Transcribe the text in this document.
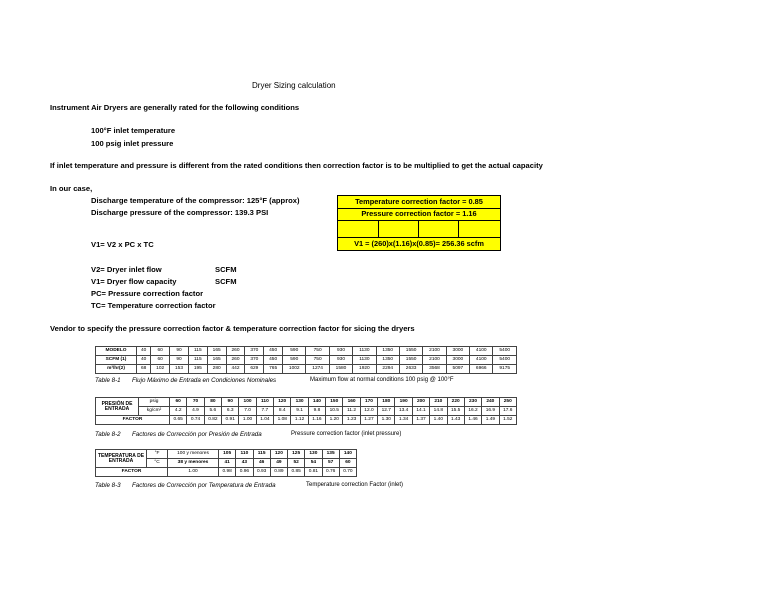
Dryer Sizing calculation
Instrument Air Dryers are generally rated for the following conditions
100°F inlet temperature
100 psig inlet pressure
If inlet temperature and pressure is different from the rated conditions then correction factor is to be multiplied to get the actual capacity
In our case,
Discharge temperature of the compressor: 125°F (approx)
Discharge pressure of the compressor: 139.3 PSI
V1= V2 x PC x TC
V2= Dryer inlet flow	SCFM
V1= Dryer flow capacity	SCFM
PC= Pressure correction factor
TC= Temperature correction factor
Vendor to specify the pressure correction factor & temperature correction factor for sicing the dryers
Temperature correction factor = 0.85
Pressure correction factor = 1.16
V1 = (260)x(1.16)x(0.85)= 256.36 scfm
MODELO	40	60	90	115	165	260	370	450	590	750	930	1130	1350	1550	2100	3000	4100	5400
SCFM (1)	40	60	90	115	165	260	370	450	590	750	930	1130	1350	1550	2100	3000	4100	5400
m³/hr(2)	68	102	153	195	280	442	629	765	1002	1274	1580	1920	2294	2633	3568	5097	6966	9175
Table 8-1 Flujo Máximo de Entrada en Condiciones Nominales	Maximum flow at normal conditions 100 psig @ 100°F
PRESIÓN DE ENTRADA	psig	60	70	80	90	100	110	120	130	140	150	160	170	180	190	200	210	220	230	240	250
	kg/cm²	4.2	4.9	5.6	6.3	7.0	7.7	8.4	9.1	9.8	10.5	11.2	12.0	12.7	13.4	14.1	14.8	15.5	16.2	16.9	17.6
FACTOR		0.65	0.74	0.82	0.91	1.00	1.04	1.08	1.12	1.16	1.20	1.23	1.27	1.30	1.34	1.37	1.40	1.43	1.46	1.49	1.52
Table 8-2 Factores de Corrección por Presión de Entrada	Pressure correction factor (inlet pressure)
TEMPERATURA DE ENTRADA	°F	100 y menores	105	110	115	120	125	130	135	140
	°C	38 y menores	41	43	46	49	52	54	57	60
FACTOR		1.00	0.98	0.96	0.93	0.89	0.85	0.81	0.76	0.70
Table 8-3 Factores de Corrección por Temperatura de Entrada	Temperature correction Factor (inlet)
